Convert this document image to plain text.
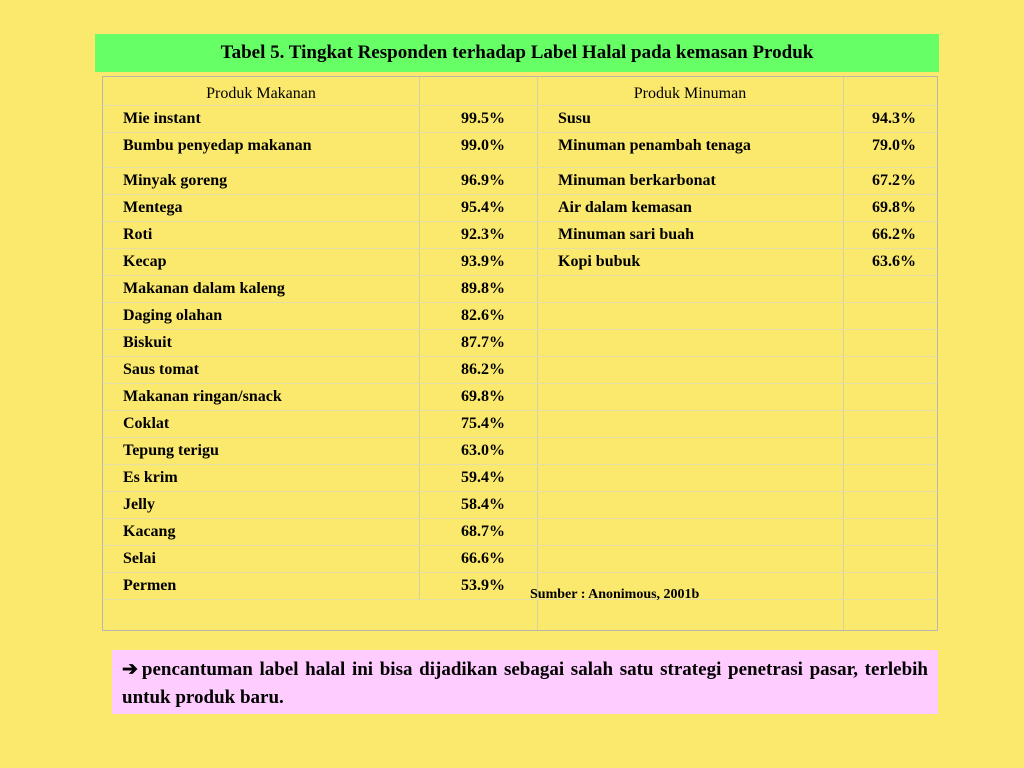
Tabel 5. Tingkat Responden terhadap Label Halal pada kemasan Produk
Produk Makanan	Produk Minuman
Mie instant	99.5%	Susu	94.3%
Bumbu penyedap makanan	99.0%	Minuman penambah tenaga	79.0%
Minyak goreng	96.9%	Minuman berkarbonat	67.2%
Mentega	95.4%	Air dalam kemasan	69.8%
Roti	92.3%	Minuman sari buah	66.2%
Kecap	93.9%	Kopi bubuk	63.6%
Makanan dalam kaleng	89.8%
Daging olahan	82.6%
Biskuit	87.7%
Saus tomat	86.2%
Makanan ringan/snack	69.8%
Coklat	75.4%
Tepung terigu	63.0%
Es krim	59.4%
Jelly	58.4%
Kacang	68.7%
Selai	66.6%
Permen	53.9%
Sumber : Anonimous, 2001b
➔ pencantuman label halal ini bisa dijadikan sebagai salah satu strategi penetrasi pasar, terlebih untuk produk baru.
